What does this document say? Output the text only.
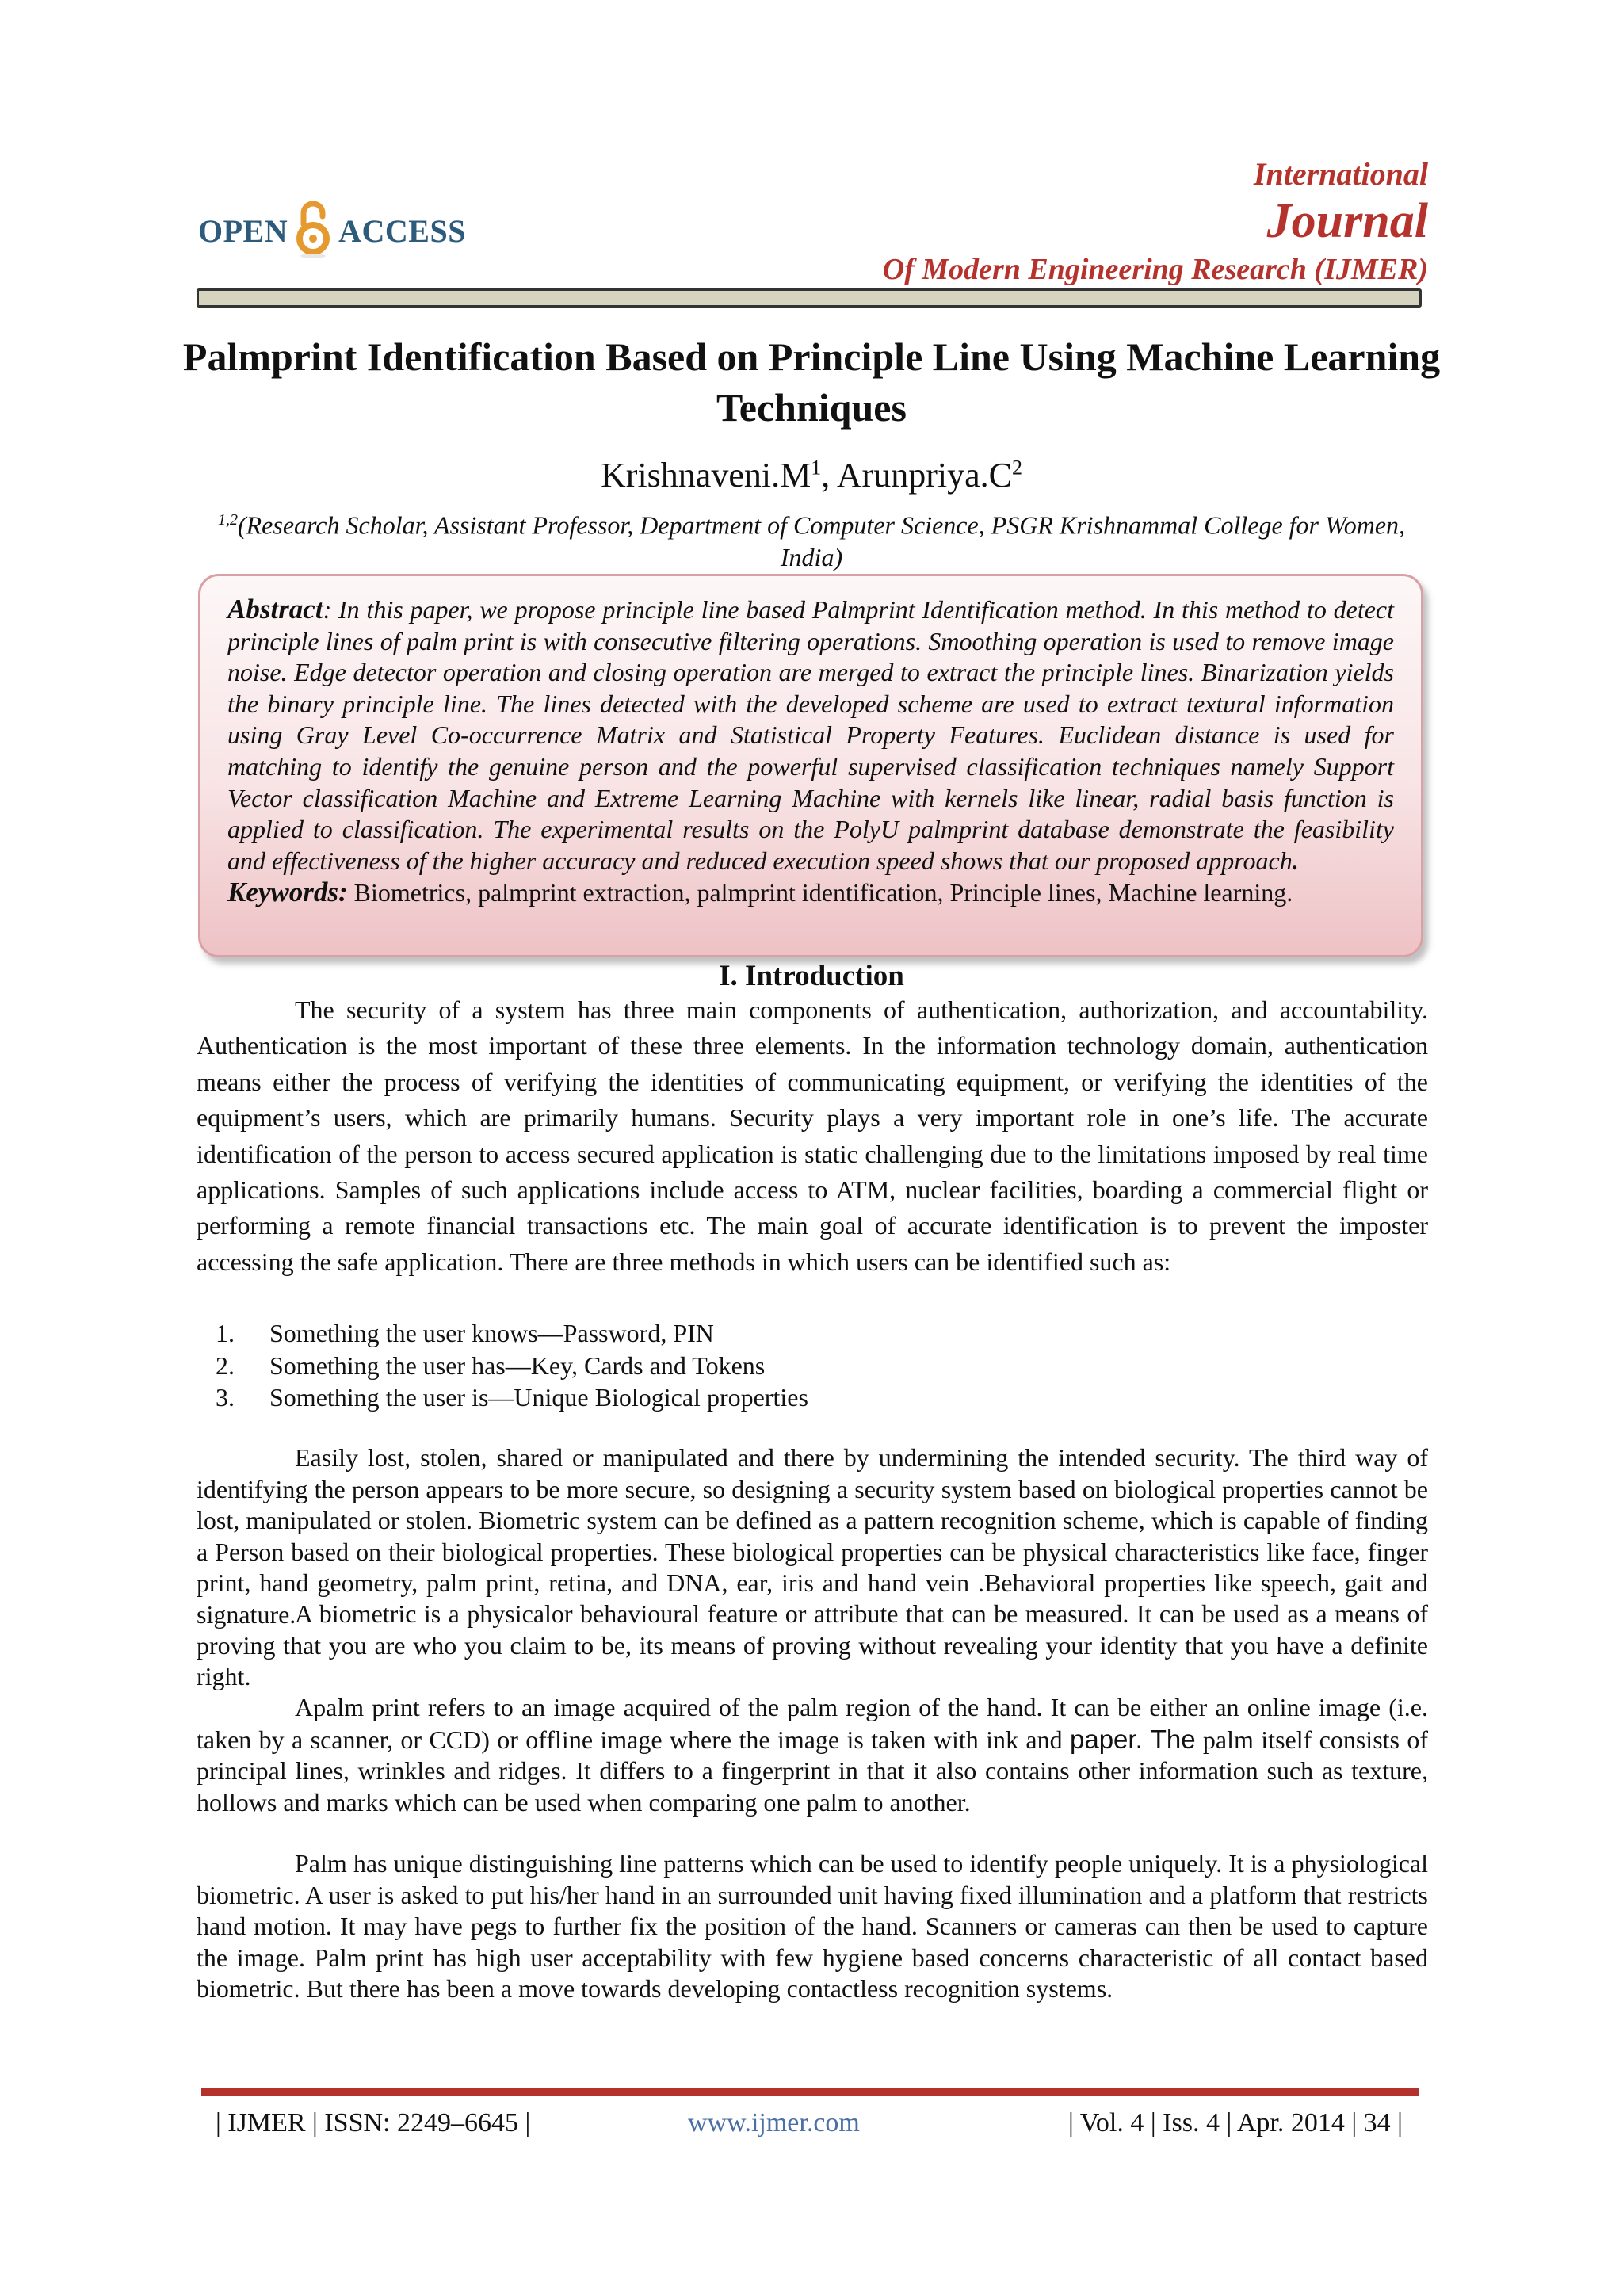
OPEN ACCESS
International
Journal
Of Modern Engineering Research (IJMER)
Palmprint Identification Based on Principle Line Using Machine Learning Techniques
$Krishnaveni.M^1$, $Arunpriya.C^2$
$^{1,2}$(Research Scholar, Assistant Professor, Department of Computer Science, PSGR Krishnammal College for Women, India)
Abstract: In this paper, we propose principle line based Palmprint Identification method. In this method to detect principle lines of palm print is with consecutive filtering operations. Smoothing operation is used to remove image noise. Edge detector operation and closing operation are merged to extract the principle lines. Binarization yields the binary principle line. The lines detected with the developed scheme are used to extract textural information using Gray Level Co-occurrence Matrix and Statistical Property Features. Euclidean distance is used for matching to identify the genuine person and the powerful supervised classification techniques namely Support Vector classification Machine and Extreme Learning Machine with kernels like linear, radial basis function is applied to classification. The experimental results on the PolyU palmprint database demonstrate the feasibility and effectiveness of the higher accuracy and reduced execution speed shows that our proposed approach.
Keywords: Biometrics, palmprint extraction, palmprint identification, Principle lines, Machine learning.
I. Introduction

The security of a system has three main components of authentication, authorization, and accountability. Authentication is the most important of these three elements. In the information technology domain, authentication means either the process of verifying the identities of communicating equipment, or verifying the identities of the equipment’s users, which are primarily humans. Security plays a very important role in one’s life. The accurate identification of the person to access secured application is static challenging due to the limitations imposed by real time applications. Samples of such applications include access to ATM, nuclear facilities, boarding a commercial flight or performing a remote financial transactions etc. The main goal of accurate identification is to prevent the imposter accessing the safe application. There are three methods in which users can be identified such as:

1.	Something the user knows—Password, PIN
2.	Something the user has—Key, Cards and Tokens
3.	Something the user is—Unique Biological properties

Easily lost, stolen, shared or manipulated and there by undermining the intended security. The third way of identifying the person appears to be more secure, so designing a security system based on biological properties cannot be lost, manipulated or stolen. Biometric system can be defined as a pattern recognition scheme, which is capable of finding a Person based on their biological properties. These biological properties can be physical characteristics like face, finger print, hand geometry, palm print, retina, and DNA, ear, iris and hand vein .Behavioral properties like speech, gait and signature.

A biometric is a physicalor behavioural feature or attribute that can be measured. It can be used as a means of proving that you are who you claim to be, its means of proving without revealing your identity that you have a definite right.

Apalm print refers to an image acquired of the palm region of the hand. It can be either an online image (i.e. taken by a scanner, or CCD) or offline image where the image is taken with ink and paper. The palm itself consists of principal lines, wrinkles and ridges. It differs to a fingerprint in that it also contains other information such as texture, hollows and marks which can be used when comparing one palm to another.

Palm has unique distinguishing line patterns which can be used to identify people uniquely. It is a physiological biometric. A user is asked to put his/her hand in an surrounded unit having fixed illumination and a platform that restricts hand motion. It may have pegs to further fix the position of the hand. Scanners or cameras can then be used to capture the image. Palm print has high user acceptability with few hygiene based concerns characteristic of all contact based biometric. But there has been a move towards developing contactless recognition systems.

| IJMER | ISSN: 2249–6645 |	www.ijmer.com	| Vol. 4 | Iss. 4 | Apr. 2014 | 34 |
